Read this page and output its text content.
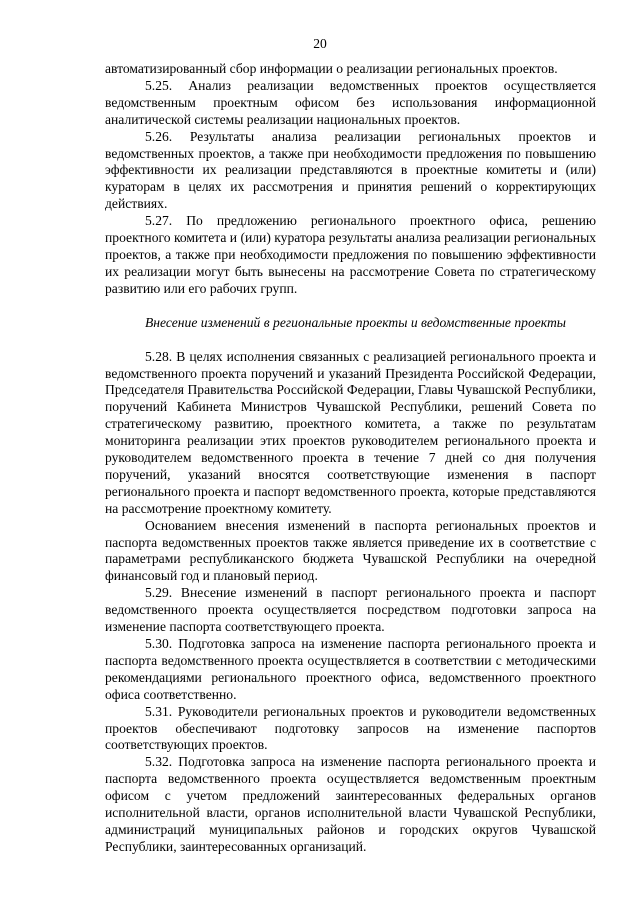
20

автоматизированный сбор информации о реализации региональных проектов.

5.25. Анализ реализации ведомственных проектов осуществляется ведомственным проектным офисом без использования информационной аналитической системы реализации национальных проектов.

5.26. Результаты анализа реализации региональных проектов и ведомственных проектов, а также при необходимости предложения по повышению эффективности их реализации представляются в проектные комитеты и (или) кураторам в целях их рассмотрения и принятия решений о корректирующих действиях.

5.27. По предложению регионального проектного офиса, решению проектного комитета и (или) куратора результаты анализа реализации региональных проектов, а также при необходимости предложения по повышению эффективности их реализации могут быть вынесены на рассмотрение Совета по стратегическому развитию или его рабочих групп.

Внесение изменений в региональные проекты и ведомственные проекты

5.28. В целях исполнения связанных с реализацией регионального проекта и ведомственного проекта поручений и указаний Президента Российской Федерации, Председателя Правительства Российской Федерации, Главы Чувашской Республики, поручений Кабинета Министров Чувашской Республики, решений Совета по стратегическому развитию, проектного комитета, а также по результатам мониторинга реализации этих проектов руководителем регионального проекта и руководителем ведомственного проекта в течение 7 дней со дня получения поручений, указаний вносятся соответствующие изменения в паспорт регионального проекта и паспорт ведомственного проекта, которые представляются на рассмотрение проектному комитету.

Основанием внесения изменений в паспорта региональных проектов и паспорта ведомственных проектов также является приведение их в соответствие с параметрами республиканского бюджета Чувашской Республики на очередной финансовый год и плановый период.

5.29. Внесение изменений в паспорт регионального проекта и паспорт ведомственного проекта осуществляется посредством подготовки запроса на изменение паспорта соответствующего проекта.

5.30. Подготовка запроса на изменение паспорта регионального проекта и паспорта ведомственного проекта осуществляется в соответствии с методическими рекомендациями регионального проектного офиса, ведомственного проектного офиса соответственно.

5.31. Руководители региональных проектов и руководители ведомственных проектов обеспечивают подготовку запросов на изменение паспортов соответствующих проектов.

5.32. Подготовка запроса на изменение паспорта регионального проекта и паспорта ведомственного проекта осуществляется ведомственным проектным офисом с учетом предложений заинтересованных федеральных органов исполнительной власти, органов исполнительной власти Чувашской Республики, администраций муниципальных районов и городских округов Чувашской Республики, заинтересованных организаций.
